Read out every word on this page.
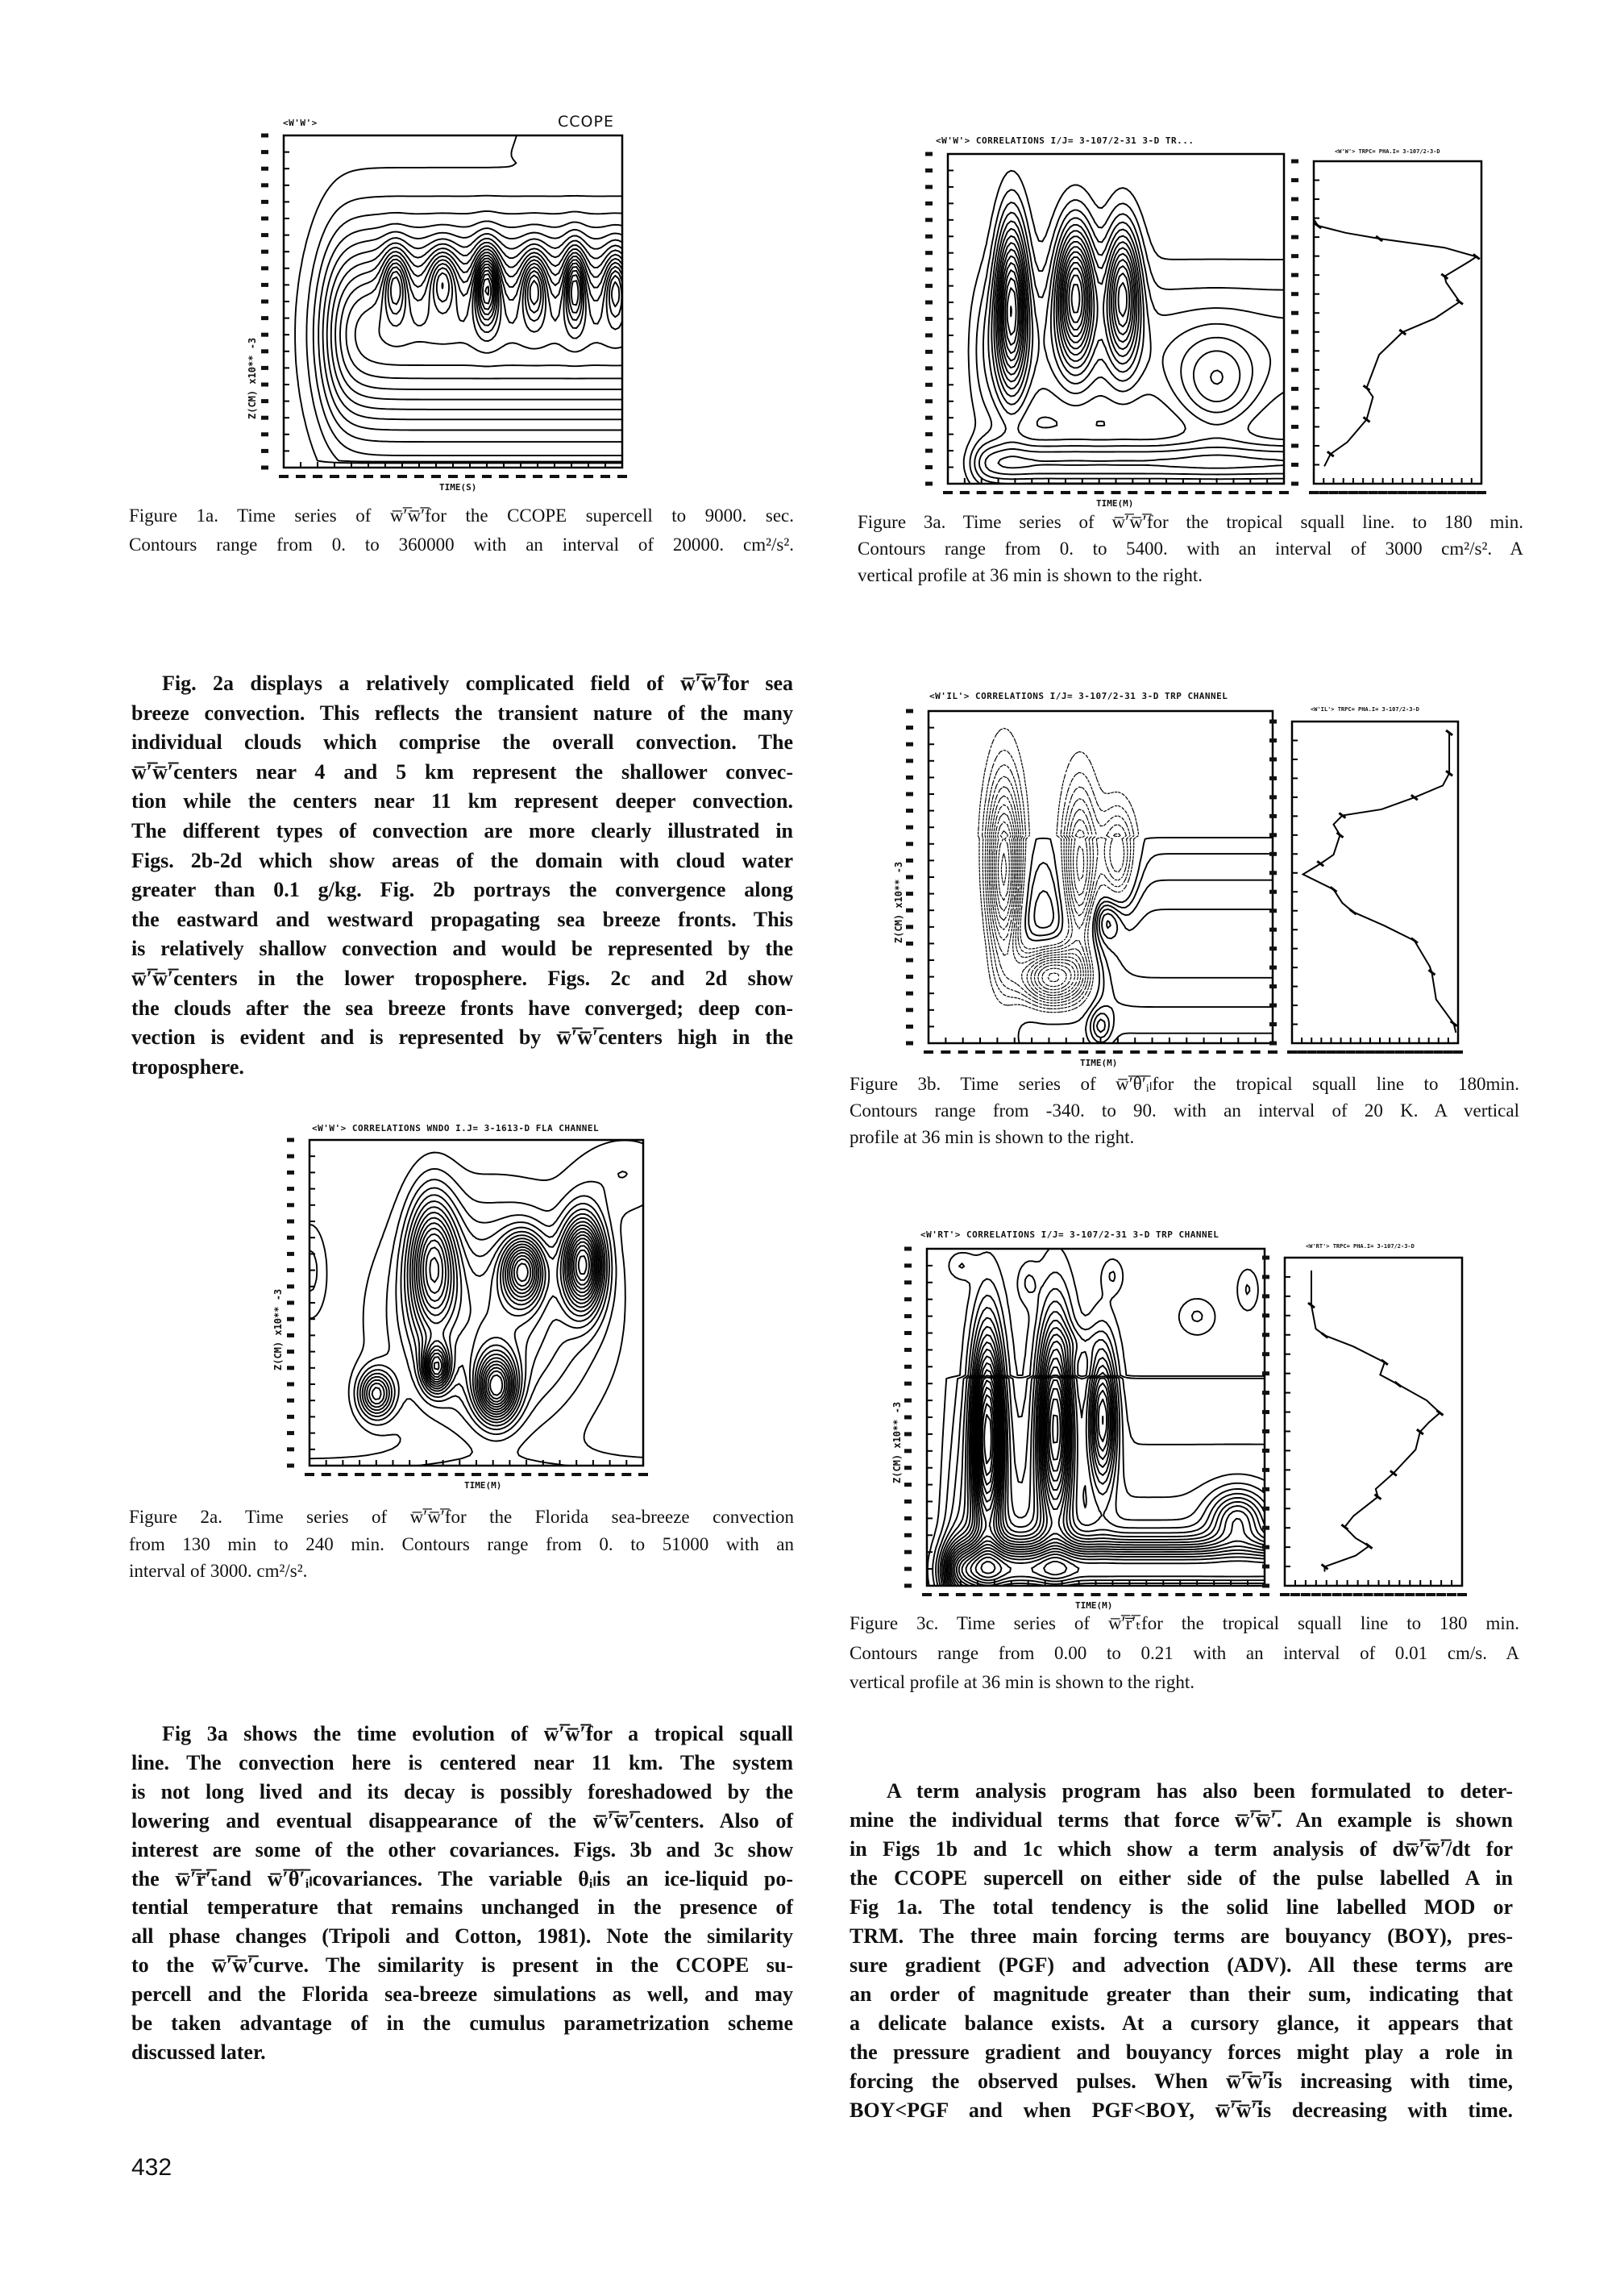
<W'W'>	CCOPE
Z(CM) x10** -3
TIME(S)
<W'W'> CORRELATIONS I/J= 3-107/2-31 3-D TR...
<W'W'> TRPC= PHA.I= 3-107/2-3-D
TIME(M)
<W'IL'> CORRELATIONS I/J= 3-107/2-31 3-D TRP CHANNEL
<W'IL'> TRPC= PHA.I= 3-107/2-3-D
Z(CM) x10** -3
TIME(M)
<W'W'> CORRELATIONS WNDO I.J= 3-1613-D FLA CHANNEL
Z(CM) x10** -3
TIME(M)
<W'RT'> CORRELATIONS I/J= 3-107/2-31 3-D TRP CHANNEL
<W'RT'> TRPC= PHA.I= 3-107/2-3-D
Z(CM) x10** -3
TIME(M)
432
Fig. 2a displays a relatively complicated field of w̅′̅w̅′̅for sea
breeze convection. This reflects the transient nature of the many
individual clouds which comprise the overall convection. The
w̅′̅w̅′̅centers near 4 and 5 km represent the shallower convec-
tion while the centers near 11 km represent deeper convection.
The different types of convection are more clearly illustrated in
Figs. 2b-2d which show areas of the domain with cloud water
greater than 0.1 g/kg. Fig. 2b portrays the convergence along
the eastward and westward propagating sea breeze fronts. This
is relatively shallow convection and would be represented by the
w̅′̅w̅′̅centers in the lower troposphere. Figs. 2c and 2d show
the clouds after the sea breeze fronts have converged; deep con-
vection is evident and is represented by w̅′̅w̅′̅centers high in the
troposphere.
Fig 3a shows the time evolution of w̅′̅w̅′̅for a tropical squall
line. The convection here is centered near 11 km. The system
is not long lived and its decay is possibly foreshadowed by the
lowering and eventual disappearance of the w̅′̅w̅′̅centers. Also of
interest are some of the other covariances. Figs. 3b and 3c show
the w̅′̅r̅′̅ₜand w̅′̅θ̅′̅ᵢₗcovariances. The variable θᵢₗis an ice-liquid po-
tential temperature that remains unchanged in the presence of
all phase changes (Tripoli and Cotton, 1981). Note the similarity
to the w̅′̅w̅′̅curve. The similarity is present in the CCOPE su-
percell and the Florida sea-breeze simulations as well, and may
be taken advantage of in the cumulus parametrization scheme
discussed later.
A term analysis program has also been formulated to deter-
mine the individual terms that force w̅′̅w̅′̅. An example is shown
in Figs 1b and 1c which show a term analysis of dw̅′̅w̅′̅/dt for
the CCOPE supercell on either side of the pulse labelled A in
Fig 1a. The total tendency is the solid line labelled MOD or
TRM. The three main forcing terms are bouyancy (BOY), pres-
sure gradient (PGF) and advection (ADV). All these terms are
an order of magnitude greater than their sum, indicating that
a delicate balance exists. At a cursory glance, it appears that
the pressure gradient and bouyancy forces might play a role in
forcing the observed pulses. When w̅′̅w̅′̅is increasing with time,
BOY<PGF and when PGF<BOY, w̅′̅w̅′̅is decreasing with time.
Figure 1a. Time series of w̅′̅w̅′̅for the CCOPE supercell to 9000. sec.
Contours range from 0. to 360000 with an interval of 20000. cm²/s².
Figure 3a. Time series of w̅′̅w̅′̅for the tropical squall line. to 180 min.
Contours range from 0. to 5400. with an interval of 3000 cm²/s². A
vertical profile at 36 min is shown to the right.
Figure 3b. Time series of w̅′̅θ̅′̅ᵢₗfor the tropical squall line to 180min.
Contours range from -340. to 90. with an interval of 20 K. A vertical
profile at 36 min is shown to the right.
Figure 2a. Time series of w̅′̅w̅′̅for the Florida sea-breeze convection
from 130 min to 240 min. Contours range from 0. to 51000 with an
interval of 3000. cm²/s².
Figure 3c. Time series of w̅′̅r̅′̅ₜfor the tropical squall line to 180 min.
Contours range from 0.00 to 0.21 with an interval of 0.01 cm/s. A
vertical profile at 36 min is shown to the right.
